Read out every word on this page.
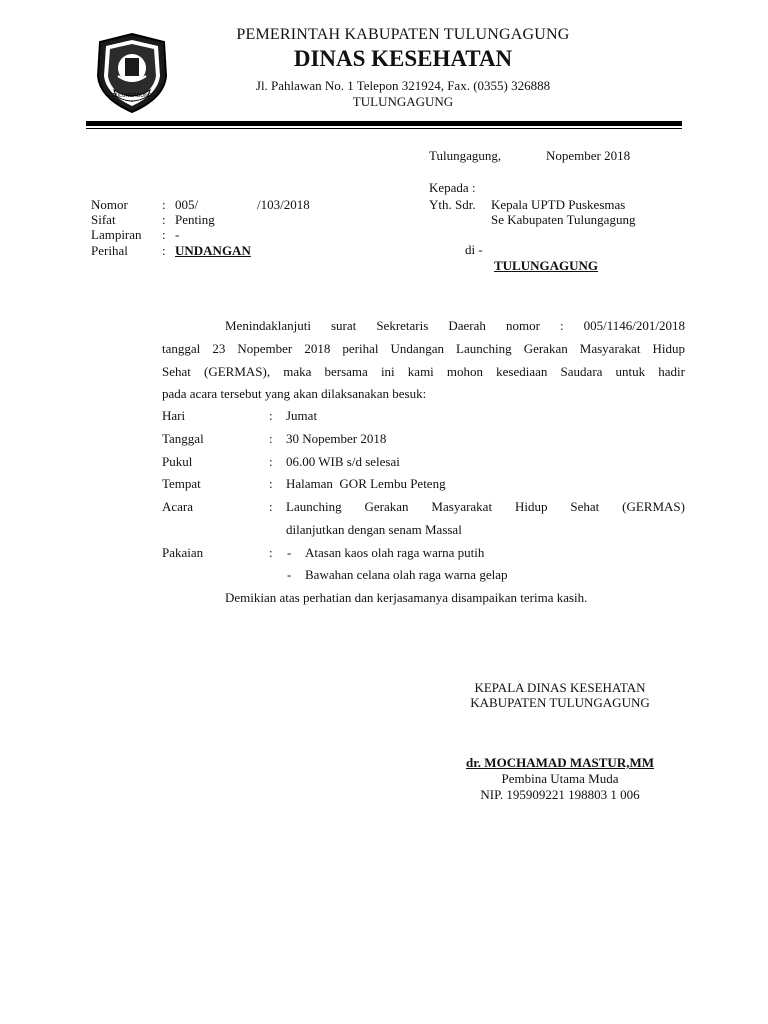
TULUNGAGUNG
PEMERINTAH KABUPATEN TULUNGAGUNG
DINAS KESEHATAN
Jl. Pahlawan No. 1 Telepon 321924, Fax. (0355) 326888
TULUNGAGUNG
Tulungagung,	Nopember 2018
Kepada :
Yth. Sdr. Kepala UPTD Puskesmas
Se Kabupaten Tulungagung
di -
TULUNGAGUNG
Nomor	: 005/	/103/2018
Sifat	: Penting
Lampiran : -
Perihal	: UNDANGAN
Menindaklanjuti surat Sekretaris Daerah nomor : 005/1146/201/2018
tanggal 23 Nopember 2018 perihal Undangan Launching Gerakan Masyarakat Hidup
Sehat (GERMAS), maka bersama ini kami mohon kesediaan Saudara untuk hadir
pada acara tersebut yang akan dilaksanakan besuk:
Hari	: Jumat
Tanggal	: 30 Nopember 2018
Pukul	: 06.00 WIB s/d selesai
Tempat	: Halaman  GOR Lembu Peteng
Acara	: Launching Gerakan Masyarakat Hidup Sehat (GERMAS)
dilanjutkan dengan senam Massal
Pakaian	: - Atasan kaos olah raga warna putih
- Bawahan celana olah raga warna gelap
Demikian atas perhatian dan kerjasamanya disampaikan terima kasih.
KEPALA DINAS KESEHATAN
KABUPATEN TULUNGAGUNG
dr. MOCHAMAD MASTUR,MM
Pembina Utama Muda
NIP. 195909221 198803 1 006
